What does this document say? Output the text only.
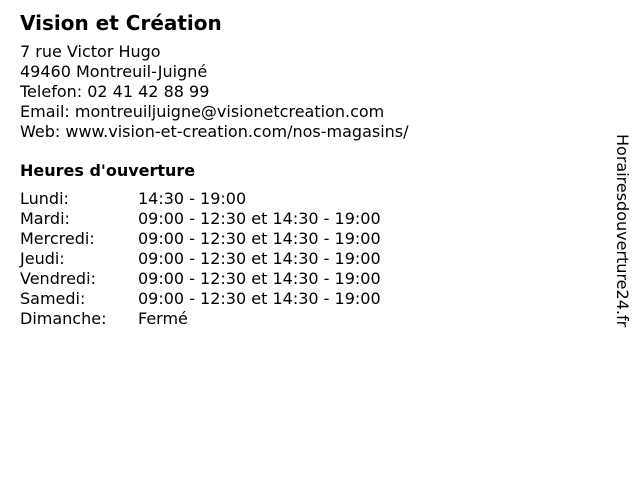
Vision et Création
7 rue Victor Hugo
49460 Montreuil-Juigné
Telefon: 02 41 42 88 99
Email: montreuiljuigne@visionetcreation.com
Web: www.vision-et-creation.com/nos-magasins/
Heures d'ouverture
Lundi:	14:30 - 19:00
Mardi:	09:00 - 12:30 et 14:30 - 19:00
Mercredi:	09:00 - 12:30 et 14:30 - 19:00
Jeudi:	09:00 - 12:30 et 14:30 - 19:00
Vendredi:	09:00 - 12:30 et 14:30 - 19:00
Samedi:	09:00 - 12:30 et 14:30 - 19:00
Dimanche:	Fermé	Horairesdouverture24.fr
